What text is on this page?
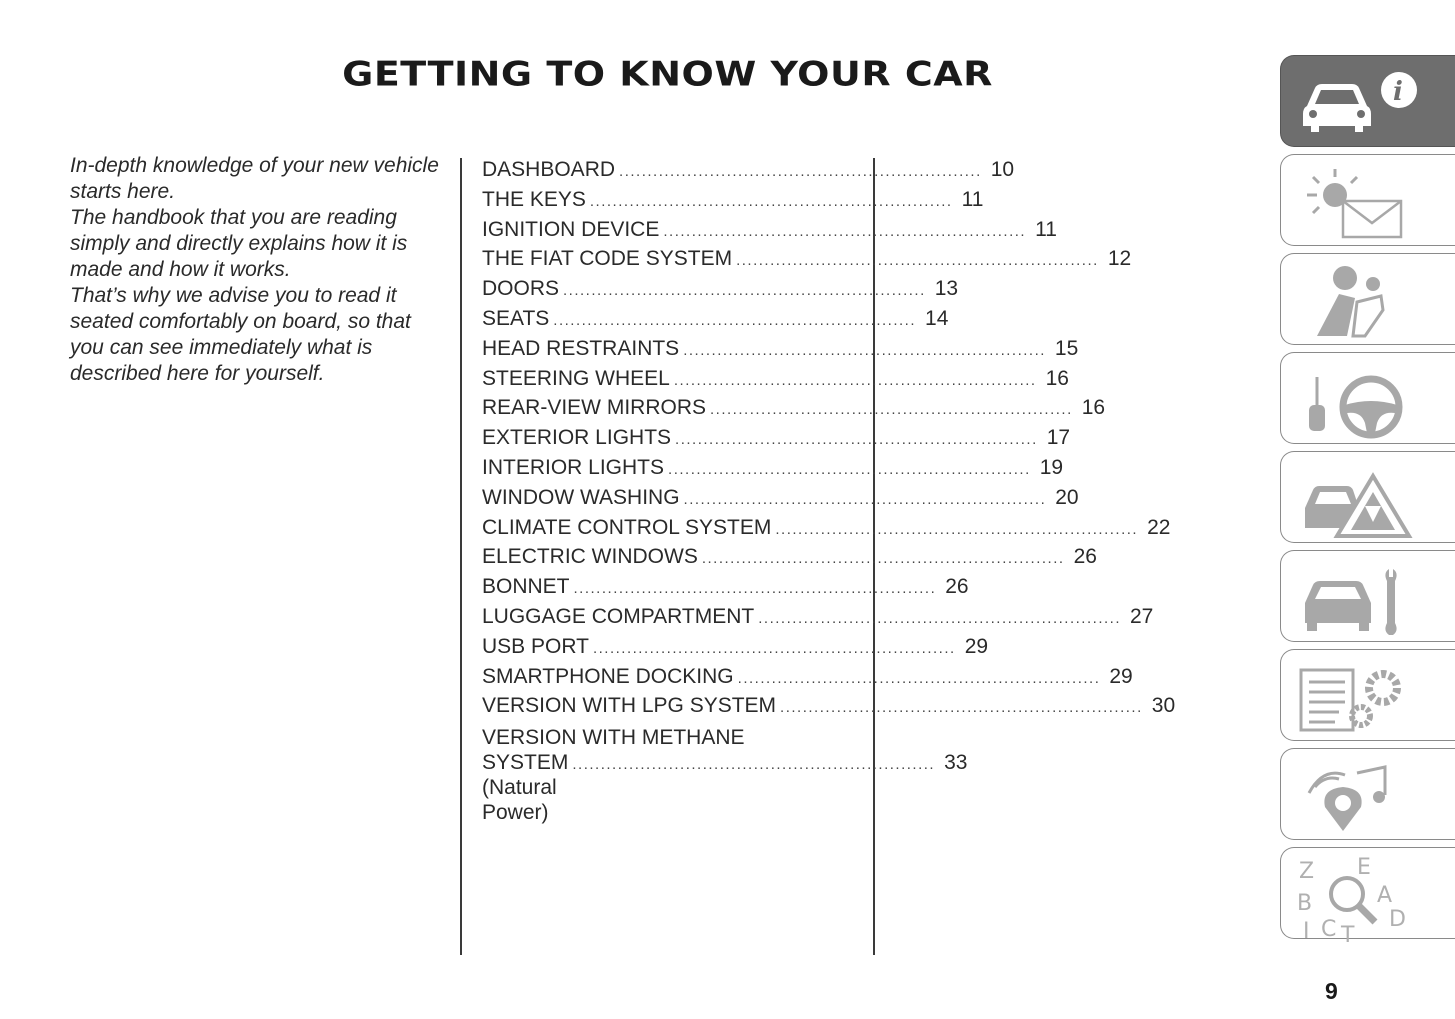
GETTING TO KNOW YOUR CAR

In-depth knowledge of your new vehicle starts here.

The handbook that you are reading simply and directly explains how it is made and how it works.

That’s why we advise you to read it seated comfortably on board, so that you can see immediately what is described here for yourself.

DASHBOARD ................................................................ 10
THE KEYS ................................................................ 11
IGNITION DEVICE ................................................................ 11
THE FIAT CODE SYSTEM ................................................................ 12
DOORS ................................................................ 13
SEATS ................................................................ 14
HEAD RESTRAINTS ................................................................ 15
STEERING WHEEL ................................................................ 16
REAR-VIEW MIRRORS ................................................................ 16
EXTERIOR LIGHTS ................................................................ 17
INTERIOR LIGHTS ................................................................ 19
WINDOW WASHING ................................................................ 20
CLIMATE CONTROL SYSTEM ................................................................ 22
ELECTRIC WINDOWS ................................................................ 26
BONNET ................................................................ 26
LUGGAGE COMPARTMENT ................................................................ 27
USB PORT ................................................................ 29
SMARTPHONE DOCKING ................................................................ 29
VERSION WITH LPG SYSTEM ................................................................ 30
VERSION WITH METHANE
SYSTEM (Natural Power)
................................................................ 33
i
Z E
B	A
D
I C T
9
